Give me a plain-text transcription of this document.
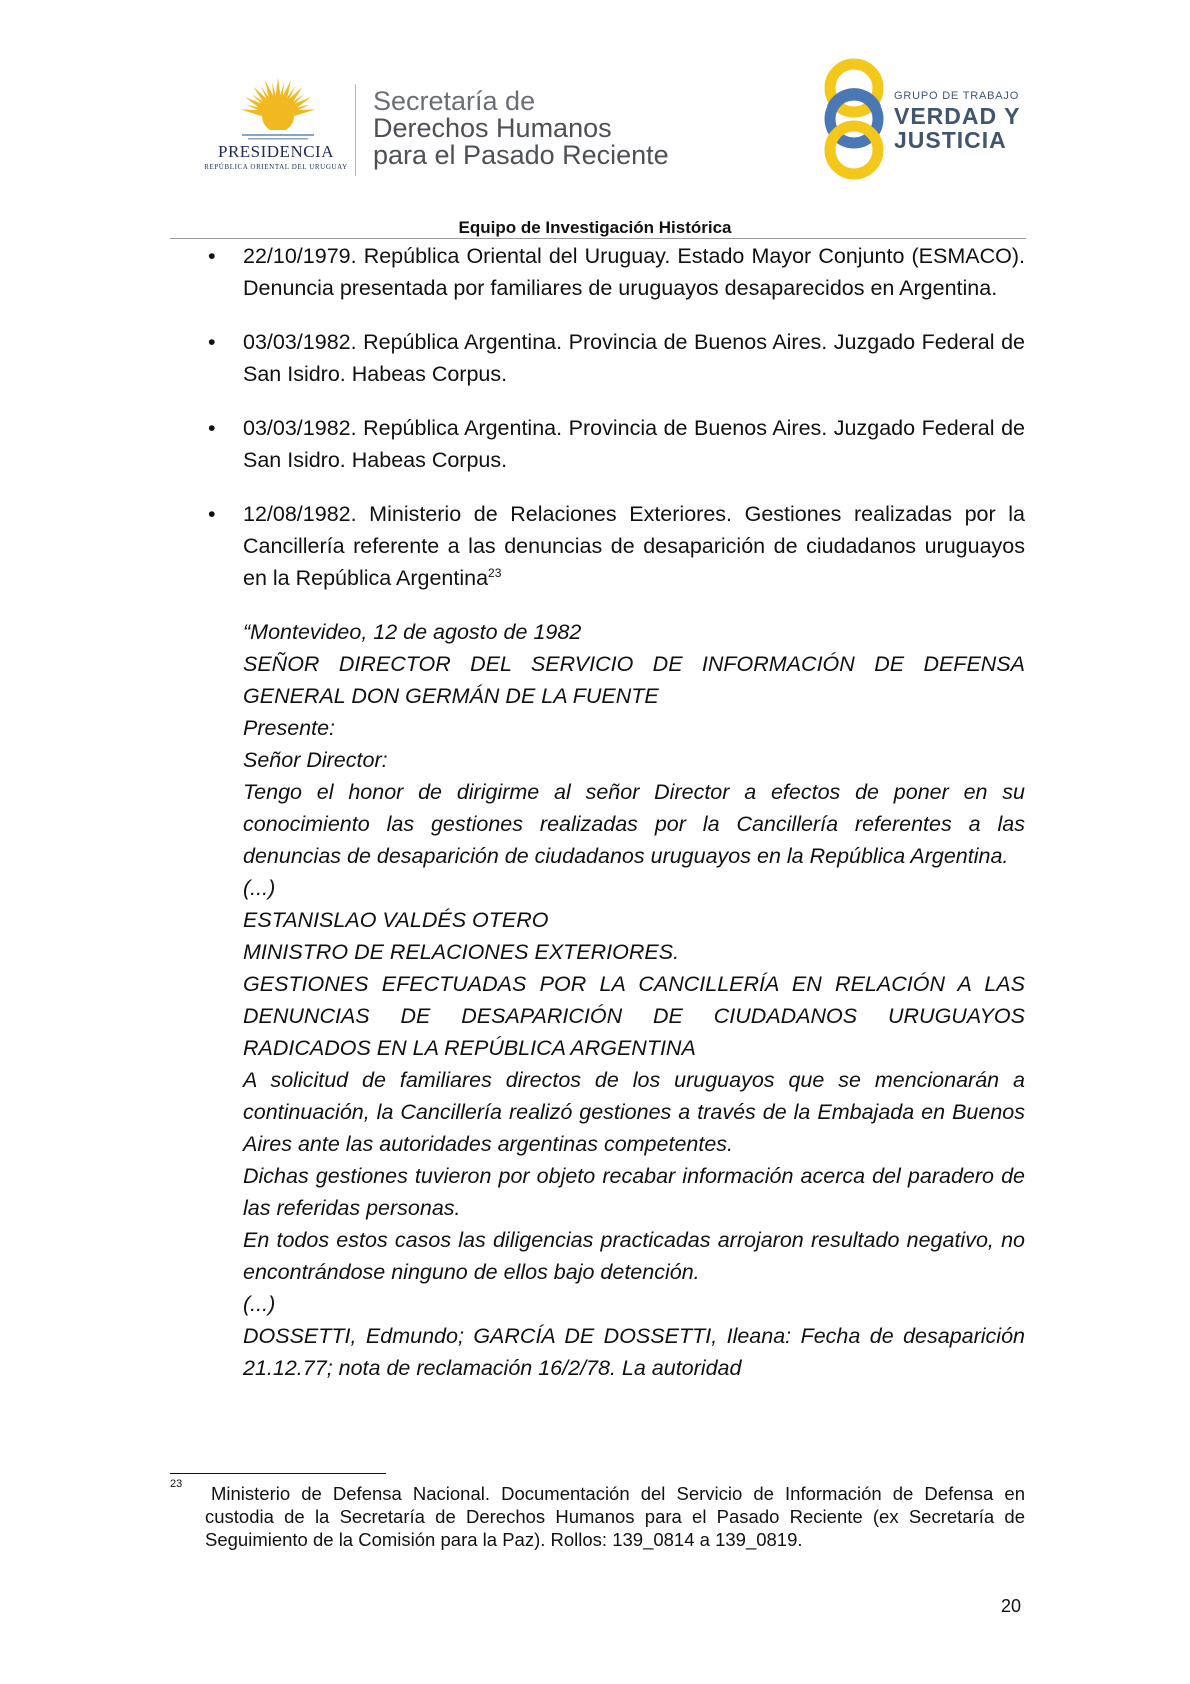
PRESIDENCIA
REPÚBLICA ORIENTAL DEL URUGUAY
Secretaría de
Derechos Humanos
para el Pasado Reciente
GRUPO DE TRABAJO
VERDAD Y
JUSTICIA
Equipo de Investigación Histórica
• 22/10/1979. República Oriental del Uruguay. Estado Mayor Conjunto (ESMACO). Denuncia presentada por familiares de uruguayos desaparecidos en Argentina.
• 03/03/1982. República Argentina. Provincia de Buenos Aires. Juzgado Federal de San Isidro. Habeas Corpus.
• 03/03/1982. República Argentina. Provincia de Buenos Aires. Juzgado Federal de San Isidro. Habeas Corpus.
• 12/08/1982. Ministerio de Relaciones Exteriores. Gestiones realizadas por la Cancillería referente a las denuncias de desaparición de ciudadanos uruguayos en la República Argentina$^{23}$

“Montevideo, 12 de agosto de 1982

SEÑOR DIRECTOR DEL SERVICIO DE INFORMACIÓN DE DEFENSA GENERAL DON GERMÁN DE LA FUENTE

Presente:

Señor Director:

Tengo el honor de dirigirme al señor Director a efectos de poner en su conocimiento las gestiones realizadas por la Cancillería referentes a las denuncias de desaparición de ciudadanos uruguayos en la República Argentina.

(...)

ESTANISLAO VALDÉS OTERO

MINISTRO DE RELACIONES EXTERIORES.

GESTIONES EFECTUADAS POR LA CANCILLERÍA EN RELACIÓN A LAS DENUNCIAS DE DESAPARICIÓN DE CIUDADANOS URUGUAYOS RADICADOS EN LA REPÚBLICA ARGENTINA

A solicitud de familiares directos de los uruguayos que se mencionarán a continuación, la Cancillería realizó gestiones a través de la Embajada en Buenos Aires ante las autoridades argentinas competentes.

Dichas gestiones tuvieron por objeto recabar información acerca del paradero de las referidas personas.

En todos estos casos las diligencias practicadas arrojaron resultado negativo, no encontrándose ninguno de ellos bajo detención.

(...)

DOSSETTI, Edmundo; GARCÍA DE DOSSETTI, Ileana: Fecha de desaparición 21.12.77; nota de reclamación 16/2/78. La autoridad

23	Ministerio de Defensa Nacional. Documentación del Servicio de Información de Defensa en custodia de la Secretaría de Derechos Humanos para el Pasado Reciente (ex Secretaría de Seguimiento de la Comisión para la Paz). Rollos: 139_0814 a 139_0819.
20
